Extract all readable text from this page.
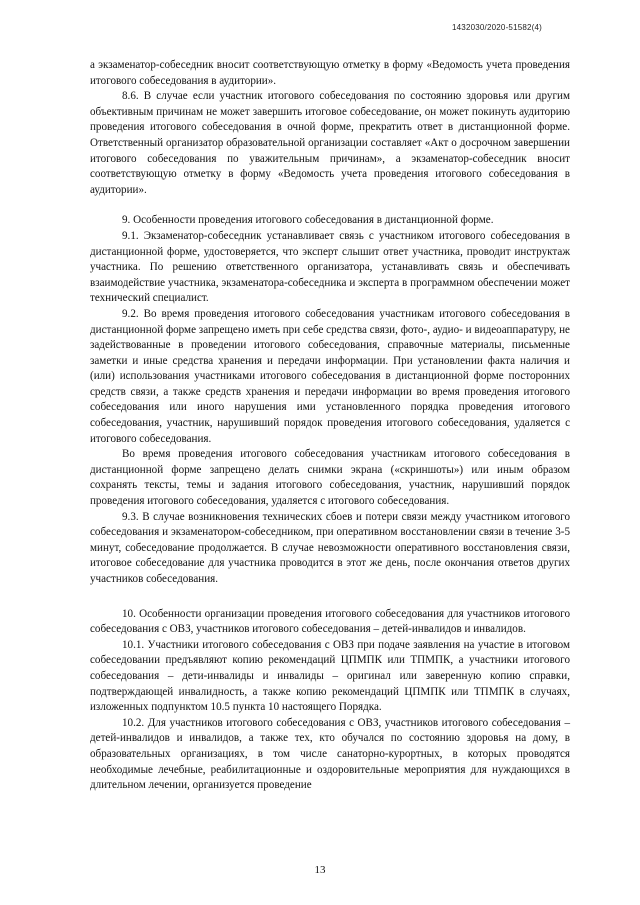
1432030/2020-51582(4)

а экзаменатор-собеседник вносит соответствующую отметку в форму «Ведомость учета проведения итогового собеседования в аудитории».

8.6. В случае если участник итогового собеседования по состоянию здоровья или другим объективным причинам не может завершить итоговое собеседование, он может покинуть аудиторию проведения итогового собеседования в очной форме, прекратить ответ в дистанционной форме. Ответственный организатор образовательной организации составляет «Акт о досрочном завершении итогового собеседования по уважительным причинам», а экзаменатор-собеседник вносит соответствующую отметку в форму «Ведомость учета проведения итогового собеседования в аудитории».

9. Особенности проведения итогового собеседования в дистанционной форме.

9.1. Экзаменатор-собеседник устанавливает связь с участником итогового собеседования в дистанционной форме, удостоверяется, что эксперт слышит ответ участника, проводит инструктаж участника. По решению ответственного организатора, устанавливать связь и обеспечивать взаимодействие участника, экзаменатора-собеседника и эксперта в программном обеспечении может технический специалист.

9.2. Во время проведения итогового собеседования участникам итогового собеседования в дистанционной форме запрещено иметь при себе средства связи, фото-, аудио- и видеоаппаратуру, не задействованные в проведении итогового собеседования, справочные материалы, письменные заметки и иные средства хранения и передачи информации. При установлении факта наличия и (или) использования участниками итогового собеседования в дистанционной форме посторонних средств связи, а также средств хранения и передачи информации во время проведения итогового собеседования или иного нарушения ими установленного порядка проведения итогового собеседования, участник, нарушивший порядок проведения итогового собеседования, удаляется с итогового собеседования.

Во время проведения итогового собеседования участникам итогового собеседования в дистанционной форме запрещено делать снимки экрана («скриншоты») или иным образом сохранять тексты, темы и задания итогового собеседования, участник, нарушивший порядок проведения итогового собеседования, удаляется с итогового собеседования.

9.3. В случае возникновения технических сбоев и потери связи между участником итогового собеседования и экзаменатором-собеседником, при оперативном восстановлении связи в течение 3-5 минут, собеседование продолжается. В случае невозможности оперативного восстановления связи, итоговое собеседование для участника проводится в этот же день, после окончания ответов других участников собеседования.

10. Особенности организации проведения итогового собеседования для участников итогового собеседования с ОВЗ, участников итогового собеседования – детей-инвалидов и инвалидов.

10.1. Участники итогового собеседования с ОВЗ при подаче заявления на участие в итоговом собеседовании предъявляют копию рекомендаций ЦПМПК или ТПМПК, а участники итогового собеседования – дети-инвалиды и инвалиды – оригинал или заверенную копию справки, подтверждающей инвалидность, а также копию рекомендаций ЦПМПК или ТПМПК в случаях, изложенных подпунктом 10.5 пункта 10 настоящего Порядка.

10.2. Для участников итогового собеседования с ОВЗ, участников итогового собеседования – детей-инвалидов и инвалидов, а также тех, кто обучался по состоянию здоровья на дому, в образовательных организациях, в том числе санаторно-курортных, в которых проводятся необходимые лечебные, реабилитационные и оздоровительные мероприятия для нуждающихся в длительном лечении, организуется проведение

13
